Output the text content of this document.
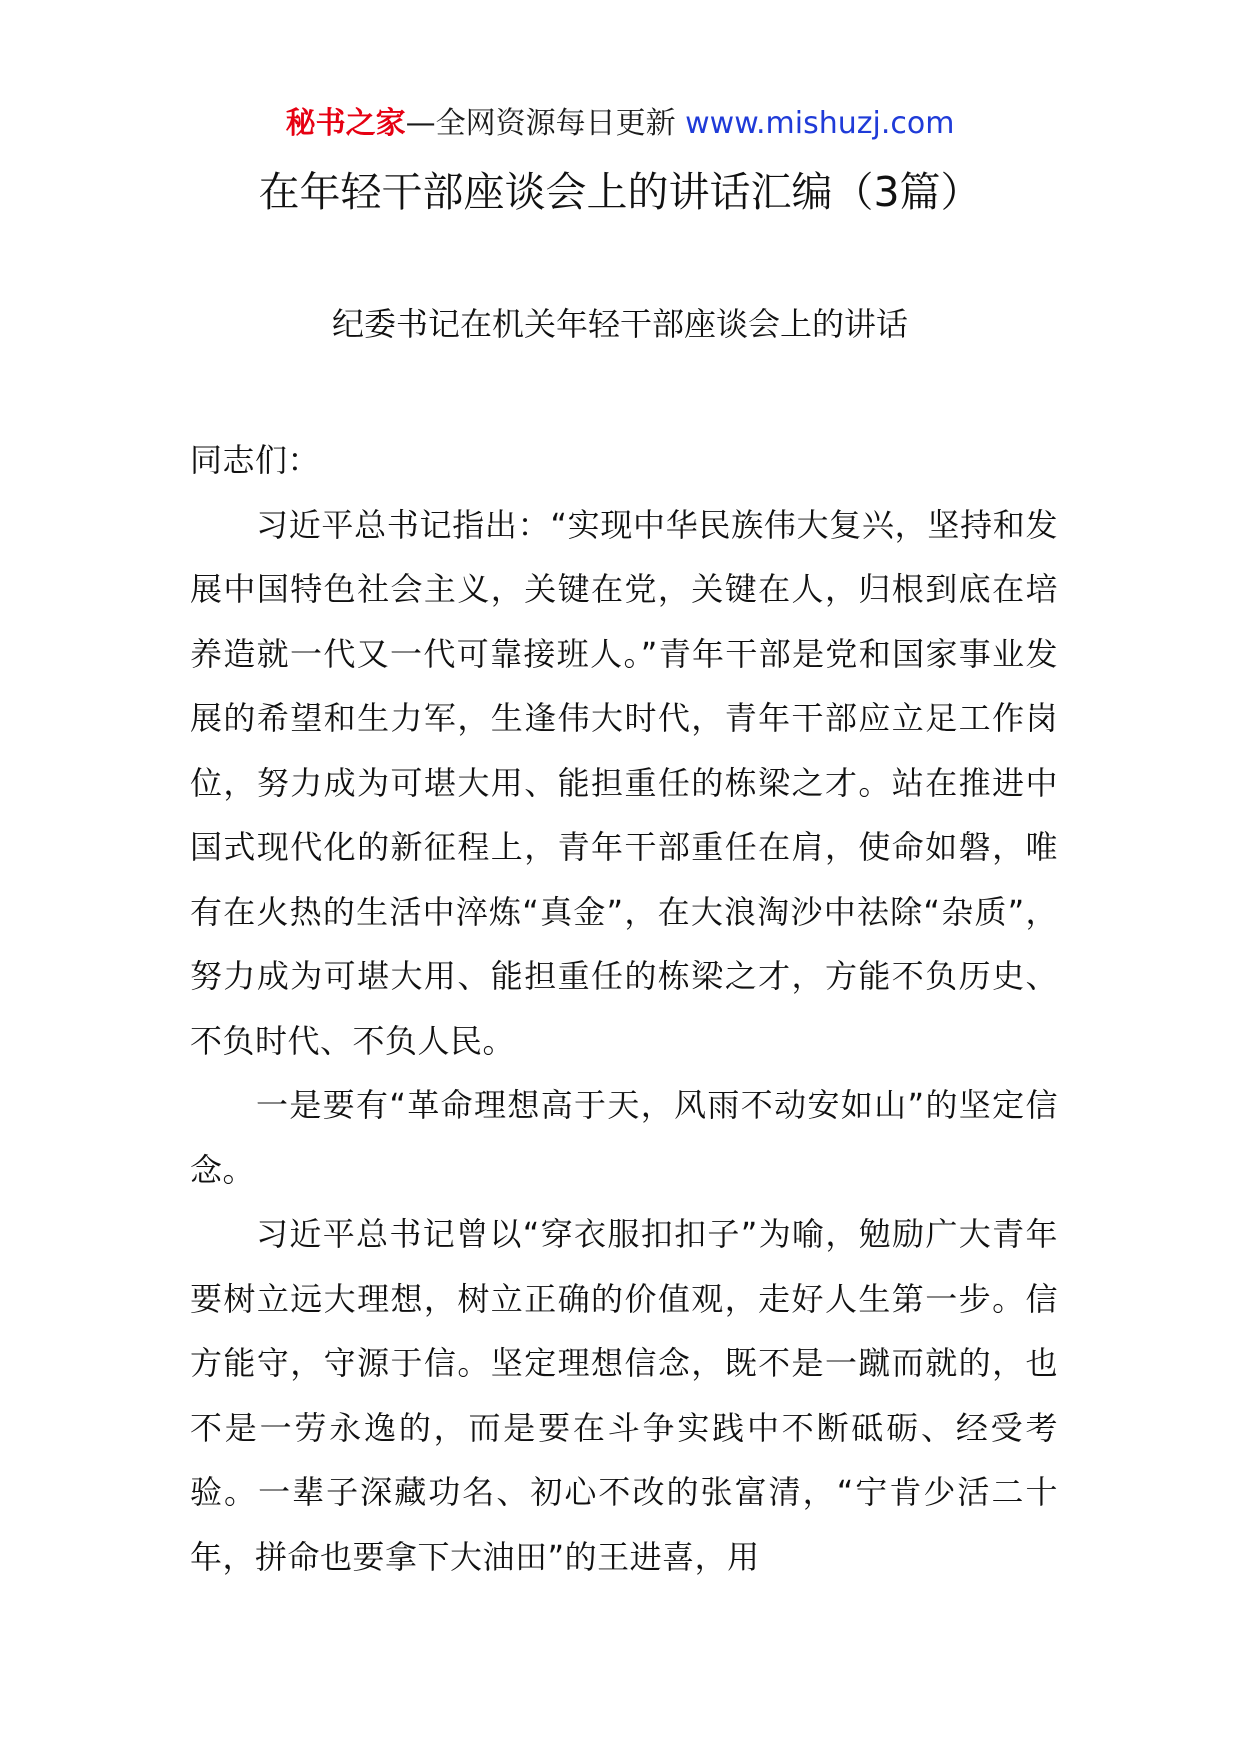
秘书之家—全网资源每日更新 www.mishuzj.com
在年轻干部座谈会上的讲话汇编（3篇）
纪委书记在机关年轻干部座谈会上的讲话

同志们：

习近平总书记指出：“实现中华民族伟大复兴，坚持和发展中国特色社会主义，关键在党，关键在人，归根到底在培养造就一代又一代可靠接班人。”青年干部是党和国家事业发展的希望和生力军，生逢伟大时代，青年干部应立足工作岗位，努力成为可堪大用、能担重任的栋梁之才。站在推进中国式现代化的新征程上，青年干部重任在肩，使命如磐，唯有在火热的生活中淬炼“真金”，在大浪淘沙中祛除“杂质”，努力成为可堪大用、能担重任的栋梁之才，方能不负历史、不负时代、不负人民。

一是要有“革命理想高于天，风雨不动安如山”的坚定信念。

习近平总书记曾以“穿衣服扣扣子”为喻，勉励广大青年要树立远大理想，树立正确的价值观，走好人生第一步。信方能守，守源于信。坚定理想信念，既不是一蹴而就的，也不是一劳永逸的，而是要在斗争实践中不断砥砺、经受考验。一辈子深藏功名、初心不改的张富清，“宁肯少活二十年，拼命也要拿下大油田”的王进喜，用
